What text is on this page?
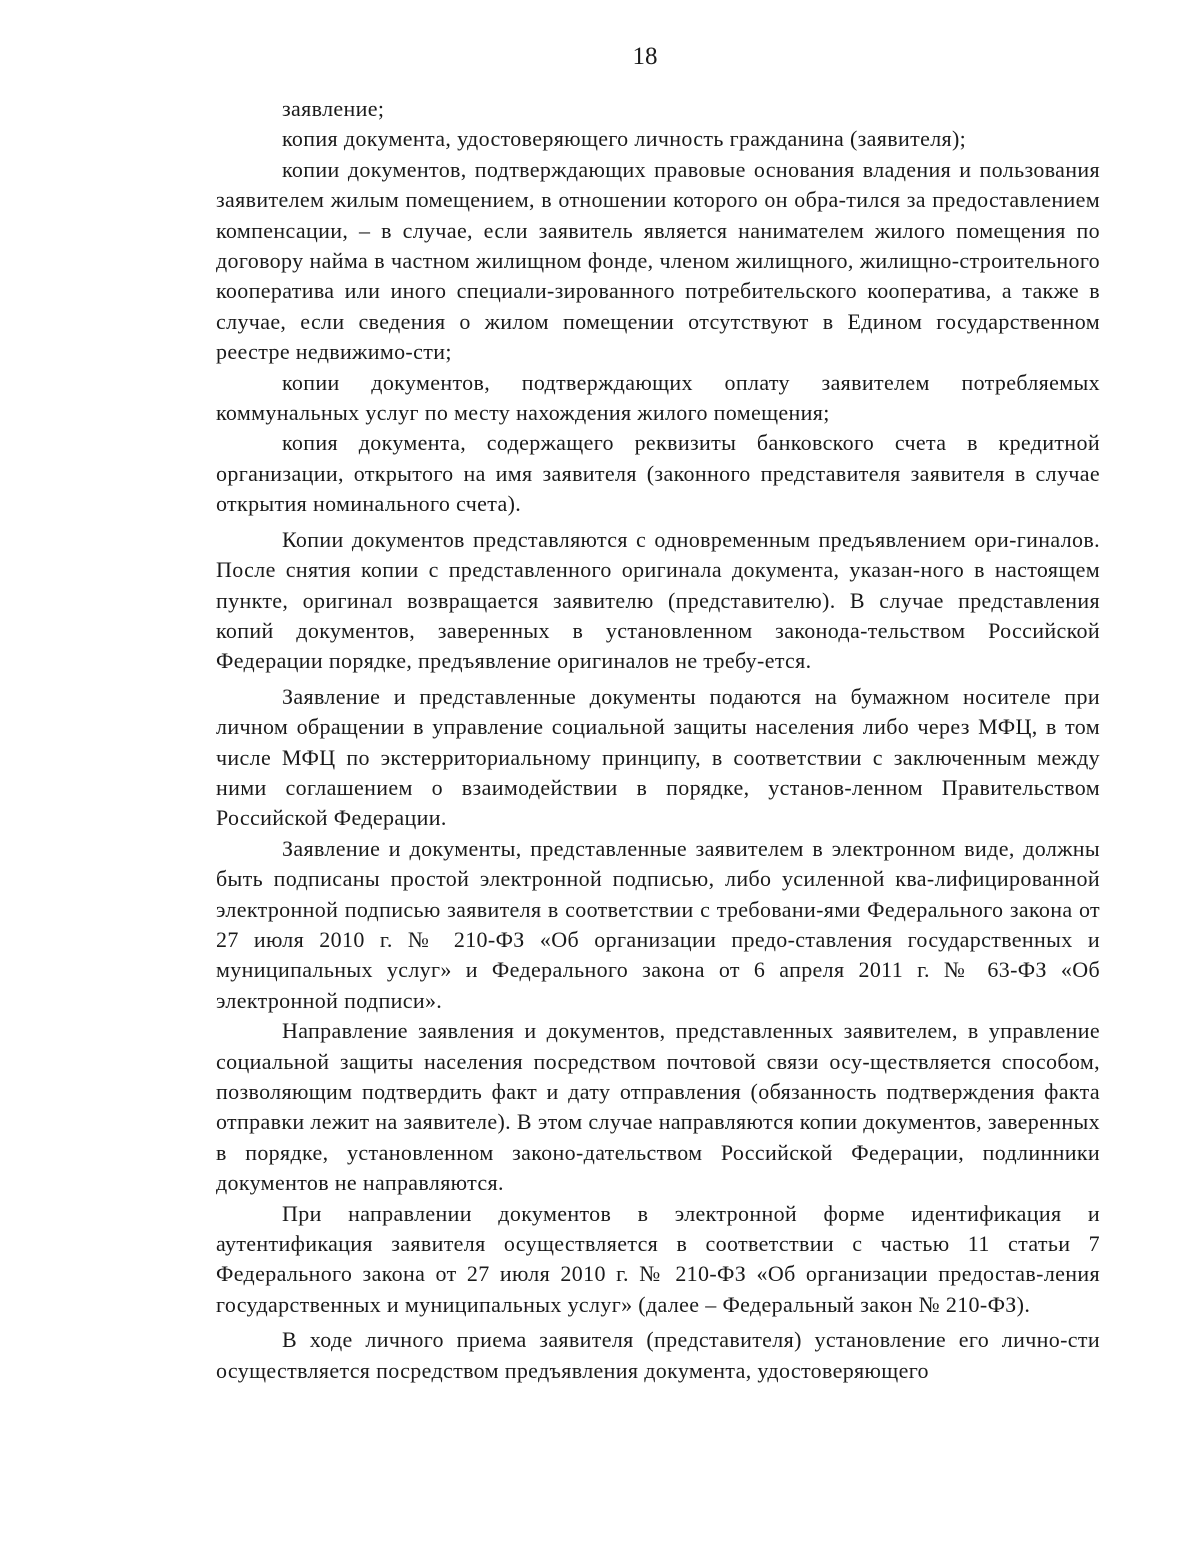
18

заявление;

копия документа, удостоверяющего личность гражданина (заявителя);

копии документов, подтверждающих правовые основания владения и пользования заявителем жилым помещением, в отношении которого он обра-тился за предоставлением компенсации, – в случае, если заявитель является нанимателем жилого помещения по договору найма в частном жилищном фонде, членом жилищного, жилищно-строительного кооператива или иного специали-зированного потребительского кооператива, а также в случае, если сведения о жилом помещении отсутствуют в Едином государственном реестре недвижимо-сти;

копии документов, подтверждающих оплату заявителем потребляемых коммунальных услуг по месту нахождения жилого помещения;

копия документа, содержащего реквизиты банковского счета в кредитной организации, открытого на имя заявителя (законного представителя заявителя в случае открытия номинального счета).

Копии документов представляются с одновременным предъявлением ори-гиналов. После снятия копии с представленного оригинала документа, указан-ного в настоящем пункте, оригинал возвращается заявителю (представителю). В случае представления копий документов, заверенных в установленном законода-тельством Российской Федерации порядке, предъявление оригиналов не требу-ется.

Заявление и представленные документы подаются на бумажном носителе при личном обращении в управление социальной защиты населения либо через МФЦ, в том числе МФЦ по экстерриториальному принципу, в соответствии с заключенным между ними соглашением о взаимодействии в порядке, установ-ленном Правительством Российской Федерации.

Заявление и документы, представленные заявителем в электронном виде, должны быть подписаны простой электронной подписью, либо усиленной ква-лифицированной электронной подписью заявителя в соответствии с требовани-ями Федерального закона от 27 июля 2010 г. № 210-ФЗ «Об организации предо-ставления государственных и муниципальных услуг» и Федерального закона от 6 апреля 2011 г. № 63-ФЗ «Об электронной подписи».

Направление заявления и документов, представленных заявителем, в управление социальной защиты населения посредством почтовой связи осу-ществляется способом, позволяющим подтвердить факт и дату отправления (обязанность подтверждения факта отправки лежит на заявителе). В этом случае направляются копии документов, заверенных в порядке, установленном законо-дательством Российской Федерации, подлинники документов не направляются.

При направлении документов в электронной форме идентификация и аутентификация заявителя осуществляется в соответствии с частью 11 статьи 7 Федерального закона от 27 июля 2010 г. № 210-ФЗ «Об организации предостав-ления государственных и муниципальных услуг» (далее – Федеральный закон № 210-ФЗ).

В ходе личного приема заявителя (представителя) установление его лично-сти осуществляется посредством предъявления документа, удостоверяющего
